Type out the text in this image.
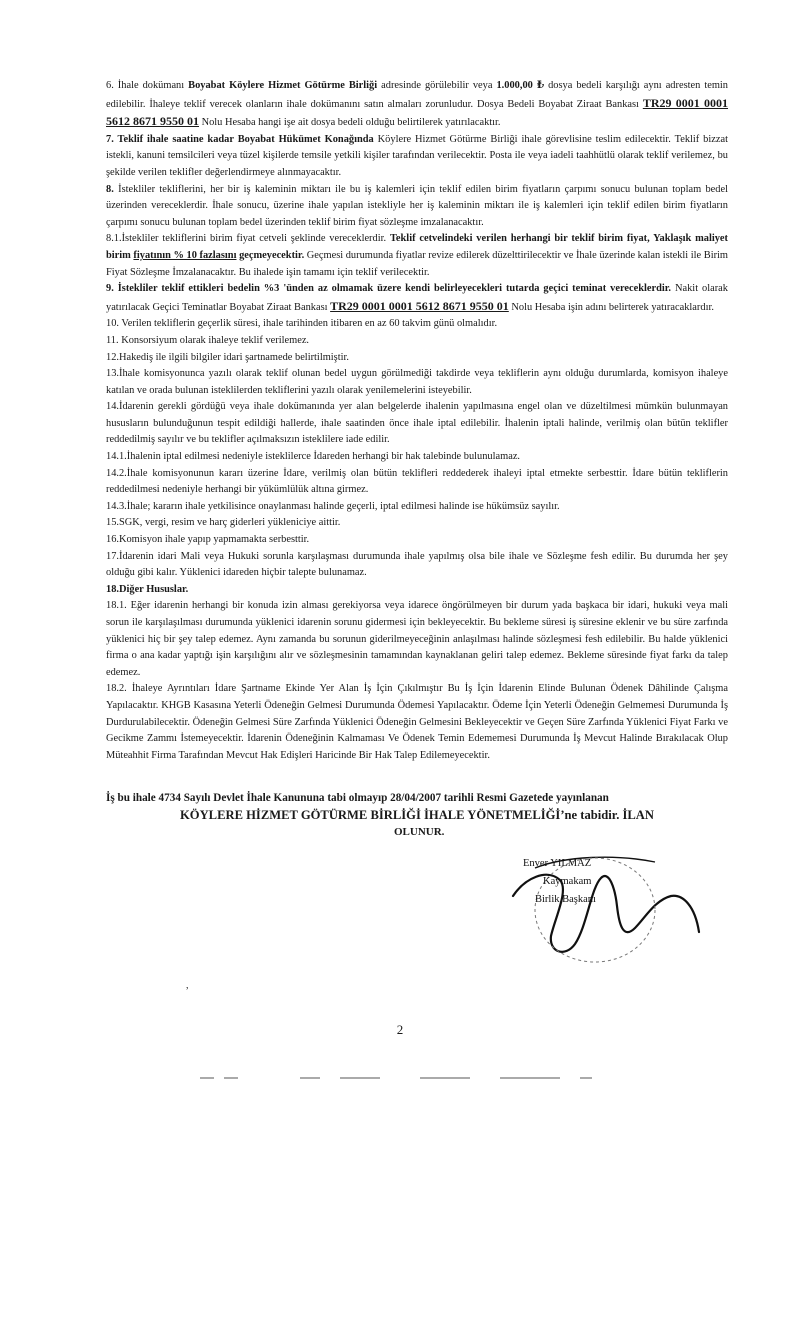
6. İhale dokümanı Boyabat Köylere Hizmet Götürme Birliği adresinde görülebilir veya 1.000,00 ₺ dosya bedeli karşılığı aynı adresten temin edilebilir. İhaleye teklif verecek olanların ihale dokümanını satın almaları zorunludur. Dosya Bedeli Boyabat Ziraat Bankası TR29 0001 0001 5612 8671 9550 01 Nolu Hesaba hangi işe ait dosya bedeli olduğu belirtilerek yatırılacaktır.

7. Teklif ihale saatine kadar Boyabat Hükümet Konağında Köylere Hizmet Götürme Birliği ihale görevlisine teslim edilecektir. Teklif bizzat istekli, kanuni temsilcileri veya tüzel kişilerde temsile yetkili kişiler tarafından verilecektir. Posta ile veya iadeli taahhütlü olarak teklif verilemez, bu şekilde verilen teklifler değerlendirmeye alınmayacaktır.

8. İstekliler tekliflerini, her bir iş kaleminin miktarı ile bu iş kalemleri için teklif edilen birim fiyatların çarpımı sonucu bulunan toplam bedel üzerinden vereceklerdir. İhale sonucu, üzerine ihale yapılan istekliyle her iş kaleminin miktarı ile iş kalemleri için teklif edilen birim fiyatların çarpımı sonucu bulunan toplam bedel üzerinden teklif birim fiyat sözleşme imzalanacaktır.

8.1.İstekliler tekliflerini birim fiyat cetveli şeklinde vereceklerdir. Teklif cetvelindeki verilen herhangi bir teklif birim fiyat, Yaklaşık maliyet birim fiyatının % 10 fazlasını geçmeyecektir. Geçmesi durumunda fiyatlar revize edilerek düzelttirilecektir ve İhale üzerinde kalan istekli ile Birim Fiyat Sözleşme İmzalanacaktır. Bu ihalede işin tamamı için teklif verilecektir.

9. İstekliler teklif ettikleri bedelin %3 'ünden az olmamak üzere kendi belirleyecekleri tutarda geçici teminat vereceklerdir. Nakit olarak yatırılacak Geçici Teminatlar Boyabat Ziraat Bankası TR29 0001 0001 5612 8671 9550 01 Nolu Hesaba işin adını belirterek yatıracaklardır.

10. Verilen tekliflerin geçerlik süresi, ihale tarihinden itibaren en az 60 takvim günü olmalıdır.

11. Konsorsiyum olarak ihaleye teklif verilemez.

12.Hakediş ile ilgili bilgiler idari şartnamede belirtilmiştir.

13.İhale komisyonunca yazılı olarak teklif olunan bedel uygun görülmediği takdirde veya tekliflerin aynı olduğu durumlarda, komisyon ihaleye katılan ve orada bulunan isteklilerden tekliflerini yazılı olarak yenilemelerini isteyebilir.

14.İdarenin gerekli gördüğü veya ihale dokümanında yer alan belgelerde ihalenin yapılmasına engel olan ve düzeltilmesi mümkün bulunmayan hususların bulunduğunun tespit edildiği hallerde, ihale saatinden önce ihale iptal edilebilir. İhalenin iptali halinde, verilmiş olan bütün teklifler reddedilmiş sayılır ve bu teklifler açılmaksızın isteklilere iade edilir.

14.1.İhalenin iptal edilmesi nedeniyle isteklilerce İdareden herhangi bir hak talebinde bulunulamaz.

14.2.İhale komisyonunun kararı üzerine İdare, verilmiş olan bütün teklifleri reddederek ihaleyi iptal etmekte serbesttir. İdare bütün tekliflerin reddedilmesi nedeniyle herhangi bir yükümlülük altına girmez.

14.3.İhale; kararın ihale yetkilisince onaylanması halinde geçerli, iptal edilmesi halinde ise hükümsüz sayılır.

15.SGK, vergi, resim ve harç giderleri yükleniciye aittir.

16.Komisyon ihale yapıp yapmamakta serbesttir.

17.İdarenin idari Mali veya Hukuki sorunla karşılaşması durumunda ihale yapılmış olsa bile ihale ve Sözleşme fesh edilir. Bu durumda her şey olduğu gibi kalır. Yüklenici idareden hiçbir talepte bulunamaz.

18.Diğer Hususlar.

18.1. Eğer idarenin herhangi bir konuda izin alması gerekiyorsa veya idarece öngörülmeyen bir durum yada başkaca bir idari, hukuki veya mali sorun ile karşılaşılması durumunda yüklenici idarenin sorunu gidermesi için bekleyecektir. Bu bekleme süresi iş süresine eklenir ve bu süre zarfında yüklenici hiç bir şey talep edemez. Aynı zamanda bu sorunun giderilmeyeceğinin anlaşılması halinde sözleşmesi fesh edilebilir. Bu halde yüklenici firma o ana kadar yaptığı işin karşılığını alır ve sözleşmesinin tamamından kaynaklanan geliri talep edemez. Bekleme süresinde fiyat farkı da talep edemez.

18.2. İhaleye Ayrıntıları İdare Şartname Ekinde Yer Alan İş İçin Çıkılmıştır Bu İş İçin İdarenin Elinde Bulunan Ödenek Dâhilinde Çalışma Yapılacaktır. KHGB Kasasına Yeterli Ödeneğin Gelmesi Durumunda Ödemesi Yapılacaktır. Ödeme İçin Yeterli Ödeneğin Gelmemesi Durumunda İş Durdurulabilecektir. Ödeneğin Gelmesi Süre Zarfında Yüklenici Ödeneğin Gelmesini Bekleyecektir ve Geçen Süre Zarfında Yüklenici Fiyat Farkı ve Gecikme Zammı İstemeyecektir. İdarenin Ödeneğinin Kalmaması Ve Ödenek Temin Edememesi Durumunda İş Mevcut Halinde Bırakılacak Olup Müteahhit Firma Tarafından Mevcut Hak Edişleri Haricinde Bir Hak Talep Edilemeyecektir.

İş bu ihale 4734 Sayılı Devlet İhale Kanununa tabi olmayıp 28/04/2007 tarihli Resmi Gazetede yayınlanan
KÖYLERE HİZMET GÖTÜRME BİRLİĞİ İHALE YÖNETMELİĞİ’ne tabidir. İLAN
OLUNUR.
Enver YILMAZ
Kaymakam
Birlik Başkanı
,
2
